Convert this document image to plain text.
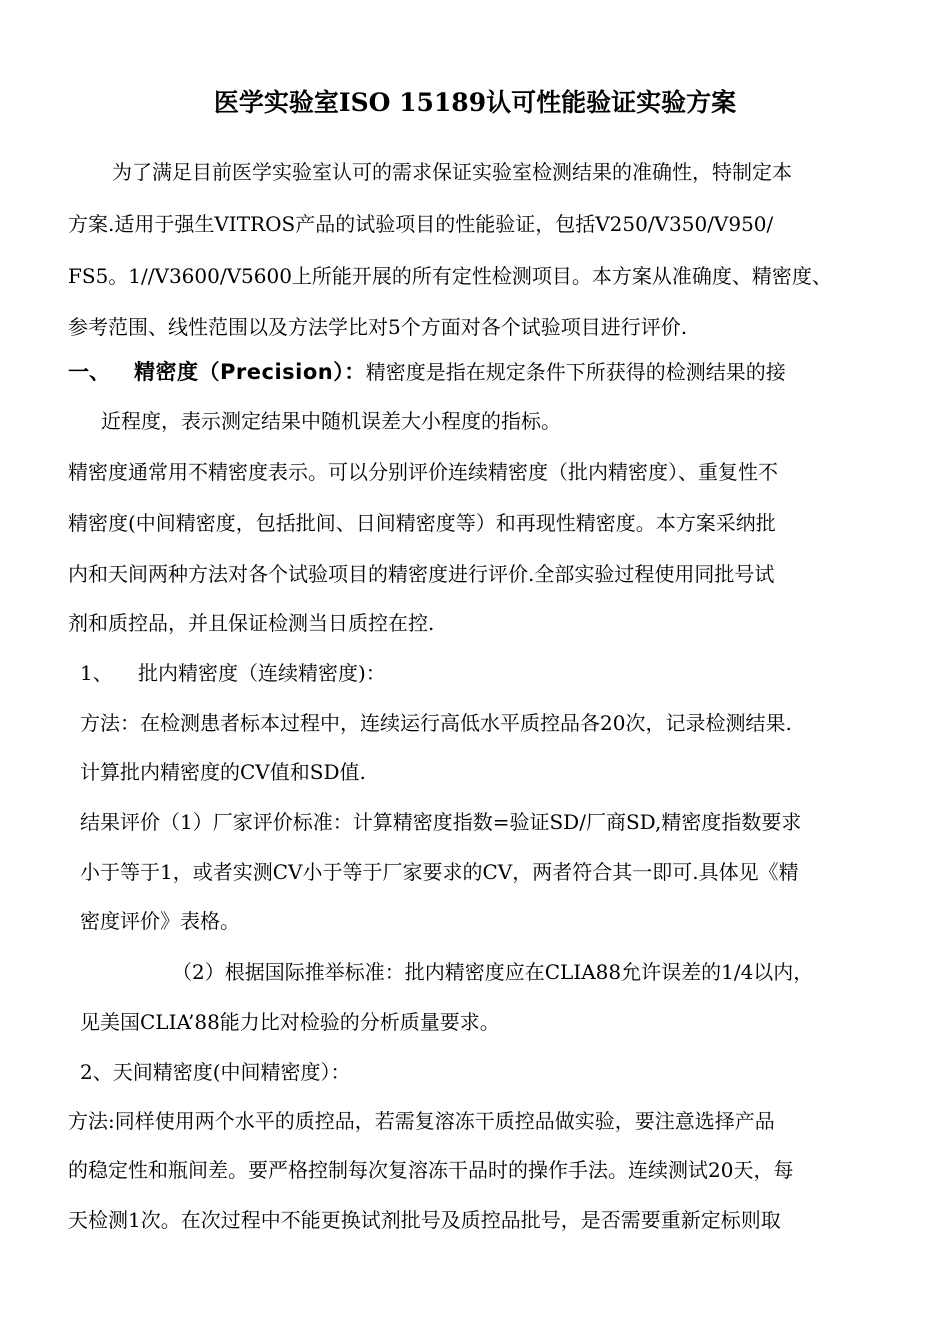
医学实验室ISO 15189认可性能验证实验方案

为了满足目前医学实验室认可的需求保证实验室检测结果的准确性，特制定本

方案.适用于强生VITROS产品的试验项目的性能验证，包括V250/V350/V950/

FS5。1//V3600/V5600上所能开展的所有定性检测项目。本方案从准确度、精密度、

参考范围、线性范围以及方法学比对5个方面对各个试验项目进行评价.

一、 精密度（Precision）：精密度是指在规定条件下所获得的检测结果的接

近程度，表示测定结果中随机误差大小程度的指标。

精密度通常用不精密度表示。可以分别评价连续精密度（批内精密度）、重复性不

精密度(中间精密度，包括批间、日间精密度等）和再现性精密度。本方案采纳批

内和天间两种方法对各个试验项目的精密度进行评价.全部实验过程使用同批号试

剂和质控品，并且保证检测当日质控在控.

1、 批内精密度（连续精密度)：

方法：在检测患者标本过程中，连续运行高低水平质控品各20次，记录检测结果.

计算批内精密度的CV值和SD值.

结果评价（1）厂家评价标准：计算精密度指数=验证SD/厂商SD,精密度指数要求

小于等于1，或者实测CV小于等于厂家要求的CV，两者符合其一即可.具体见《精

密度评价》表格。

（2）根据国际推举标准：批内精密度应在CLIA88允许误差的1/4以内，

见美国CLIA’88能力比对检验的分析质量要求。

2、天间精密度(中间精密度）：

方法:同样使用两个水平的质控品，若需复溶冻干质控品做实验，要注意选择产品

的稳定性和瓶间差。要严格控制每次复溶冻干品时的操作手法。连续测试20天，每

天检测1次。在次过程中不能更换试剂批号及质控品批号，是否需要重新定标则取
